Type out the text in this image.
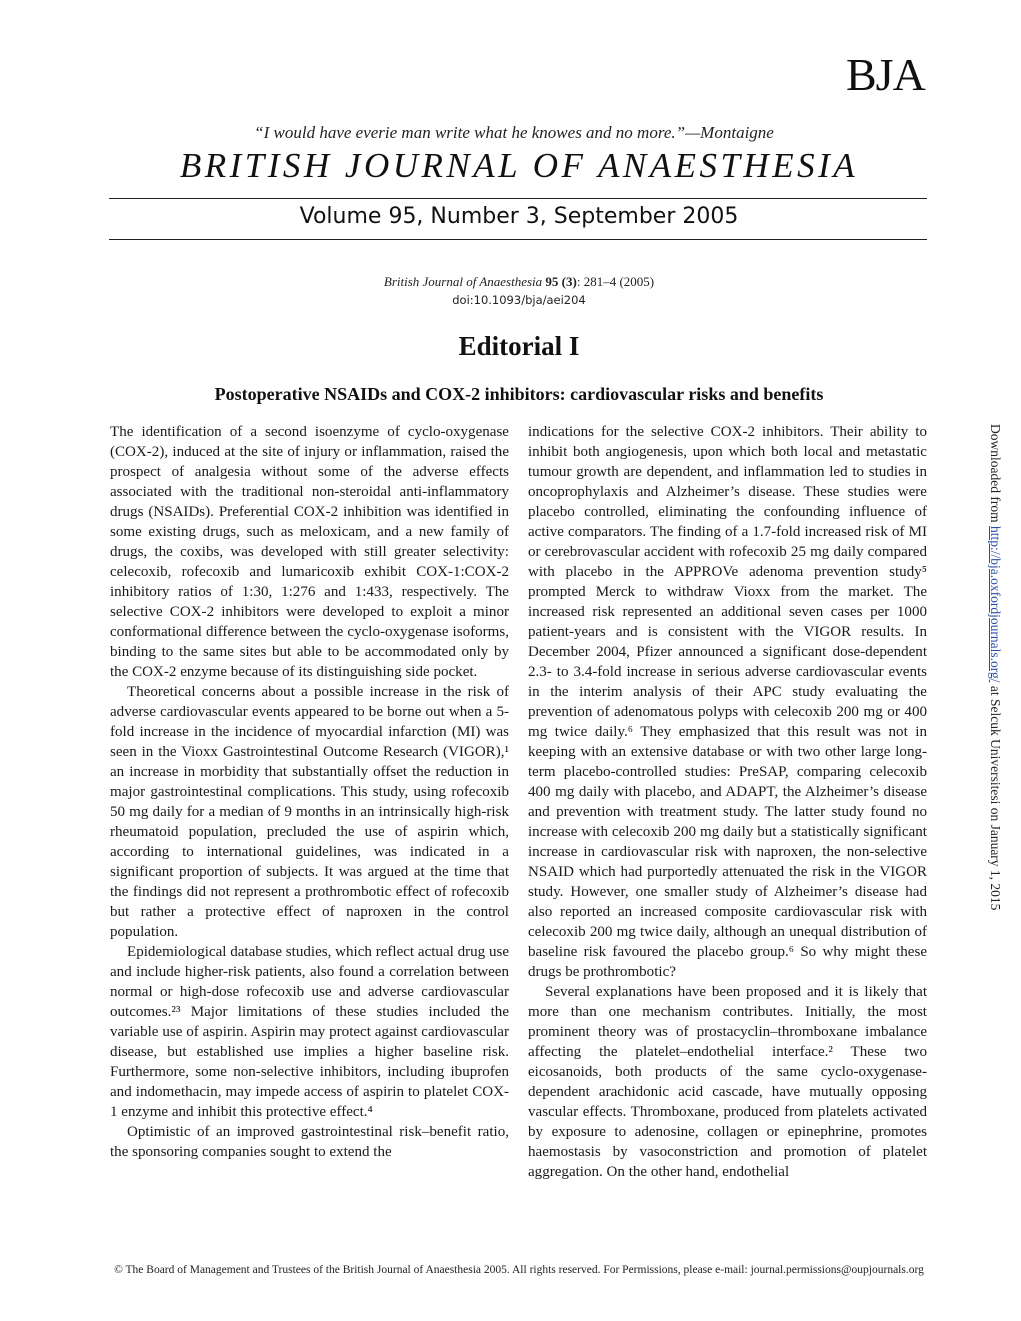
BJA
“I would have everie man write what he knowes and no more.”—Montaigne
BRITISH JOURNAL OF ANAESTHESIA
Volume 95, Number 3, September 2005
British Journal of Anaesthesia 95 (3): 281–4 (2005)
doi:10.1093/bja/aei204
Editorial I
Postoperative NSAIDs and COX-2 inhibitors: cardiovascular risks and benefits

The identification of a second isoenzyme of cyclo-oxygenase (COX-2), induced at the site of injury or inflammation, raised the prospect of analgesia without some of the adverse effects associated with the traditional non-steroidal anti-inflammatory drugs (NSAIDs). Preferential COX-2 inhibition was identified in some existing drugs, such as meloxicam, and a new family of drugs, the coxibs, was developed with still greater selectivity: celecoxib, rofecoxib and lumaricoxib exhibit COX-1:COX-2 inhibitory ratios of 1:30, 1:276 and 1:433, respectively. The selective COX-2 inhibitors were developed to exploit a minor conformational difference between the cyclo-oxygenase isoforms, binding to the same sites but able to be accommodated only by the COX-2 enzyme because of its distinguishing side pocket.

Theoretical concerns about a possible increase in the risk of adverse cardiovascular events appeared to be borne out when a 5-fold increase in the incidence of myocardial infarction (MI) was seen in the Vioxx Gastrointestinal Outcome Research (VIGOR),¹ an increase in morbidity that substantially offset the reduction in major gastrointestinal complications. This study, using rofecoxib 50 mg daily for a median of 9 months in an intrinsically high-risk rheumatoid population, precluded the use of aspirin which, according to international guidelines, was indicated in a significant proportion of subjects. It was argued at the time that the findings did not represent a prothrombotic effect of rofecoxib but rather a protective effect of naproxen in the control population.

Epidemiological database studies, which reflect actual drug use and include higher-risk patients, also found a correlation between normal or high-dose rofecoxib use and adverse cardiovascular outcomes.²³ Major limitations of these studies included the variable use of aspirin. Aspirin may protect against cardiovascular disease, but established use implies a higher baseline risk. Furthermore, some non-selective inhibitors, including ibuprofen and indomethacin, may impede access of aspirin to platelet COX-1 enzyme and inhibit this protective effect.⁴

Optimistic of an improved gastrointestinal risk–benefit ratio, the sponsoring companies sought to extend the

indications for the selective COX-2 inhibitors. Their ability to inhibit both angiogenesis, upon which both local and metastatic tumour growth are dependent, and inflammation led to studies in oncoprophylaxis and Alzheimer’s disease. These studies were placebo controlled, eliminating the confounding influence of active comparators. The finding of a 1.7-fold increased risk of MI or cerebrovascular accident with rofecoxib 25 mg daily compared with placebo in the APPROVe adenoma prevention study⁵ prompted Merck to withdraw Vioxx from the market. The increased risk represented an additional seven cases per 1000 patient-years and is consistent with the VIGOR results. In December 2004, Pfizer announced a significant dose-dependent 2.3- to 3.4-fold increase in serious adverse cardiovascular events in the interim analysis of their APC study evaluating the prevention of adenomatous polyps with celecoxib 200 mg or 400 mg twice daily.⁶ They emphasized that this result was not in keeping with an extensive database or with two other large long-term placebo-controlled studies: PreSAP, comparing celecoxib 400 mg daily with placebo, and ADAPT, the Alzheimer’s disease and prevention with treatment study. The latter study found no increase with celecoxib 200 mg daily but a statistically significant increase in cardiovascular risk with naproxen, the non-selective NSAID which had purportedly attenuated the risk in the VIGOR study. However, one smaller study of Alzheimer’s disease had also reported an increased composite cardiovascular risk with celecoxib 200 mg twice daily, although an unequal distribution of baseline risk favoured the placebo group.⁶ So why might these drugs be prothrombotic?

Several explanations have been proposed and it is likely that more than one mechanism contributes. Initially, the most prominent theory was of prostacyclin–thromboxane imbalance affecting the platelet–endothelial interface.² These two eicosanoids, both products of the same cyclo-oxygenase-dependent arachidonic acid cascade, have mutually opposing vascular effects. Thromboxane, produced from platelets activated by exposure to adenosine, collagen or epinephrine, promotes haemostasis by vasoconstriction and promotion of platelet aggregation. On the other hand, endothelial

Downloaded from http://bja.oxfordjournals.org/ at Selcuk Universitesi on January 1, 2015
© The Board of Management and Trustees of the British Journal of Anaesthesia 2005. All rights reserved. For Permissions, please e-mail: journal.permissions@oupjournals.org
